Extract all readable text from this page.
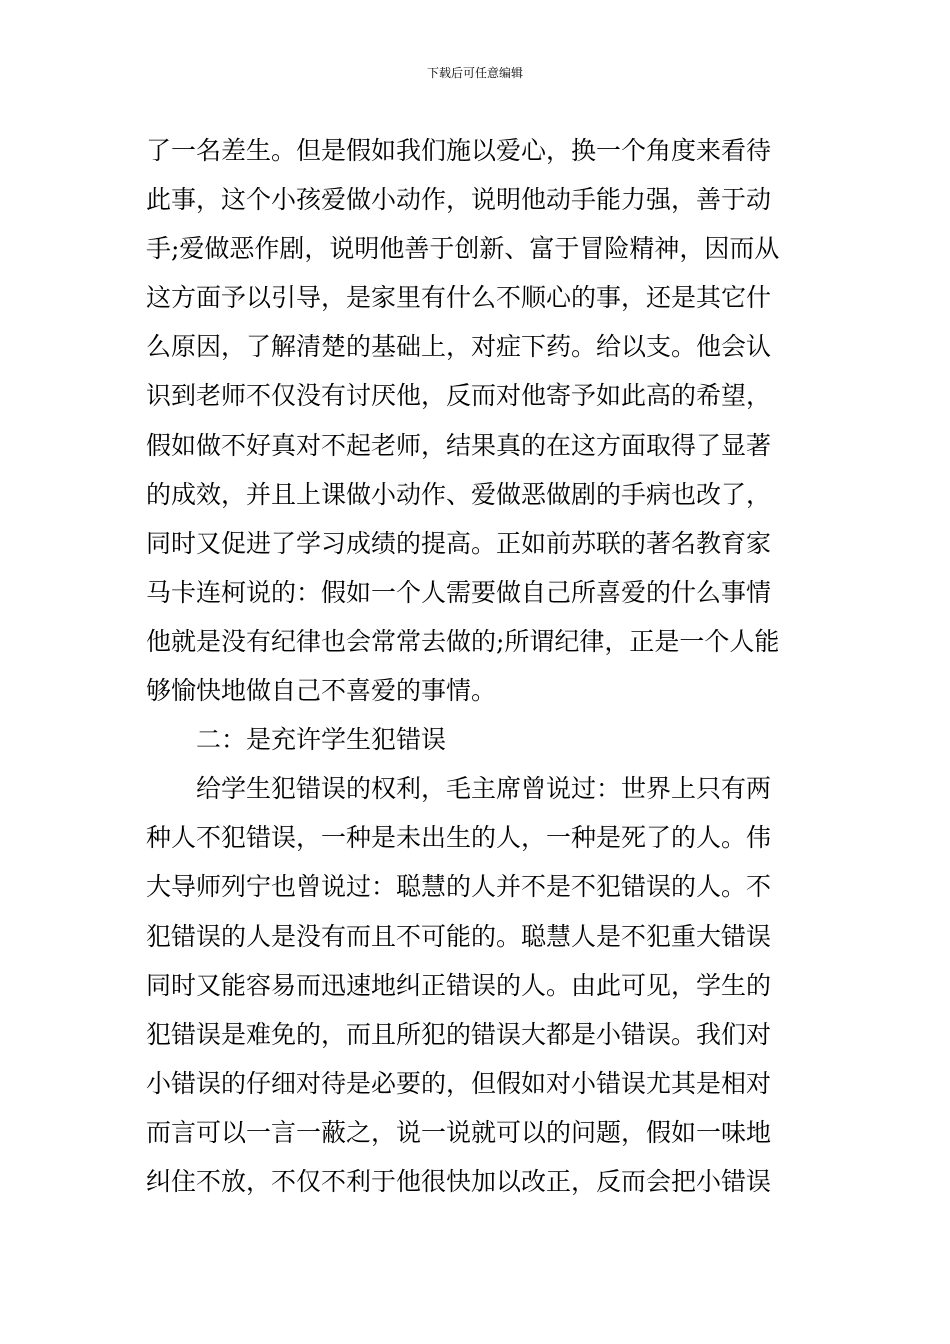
下载后可任意编辑
了一名差生。但是假如我们施以爱心，换一个角度来看待
此事，这个小孩爱做小动作，说明他动手能力强，善于动
手;爱做恶作剧，说明他善于创新、富于冒险精神，因而从
这方面予以引导，是家里有什么不顺心的事，还是其它什
么原因，了解清楚的基础上，对症下药。给以支。他会认
识到老师不仅没有讨厌他，反而对他寄予如此高的希望，
假如做不好真对不起老师，结果真的在这方面取得了显著
的成效，并且上课做小动作、爱做恶做剧的手病也改了，
同时又促进了学习成绩的提高。正如前苏联的著名教育家
马卡连柯说的：假如一个人需要做自己所喜爱的什么事情
他就是没有纪律也会常常去做的;所谓纪律，正是一个人能
够愉快地做自己不喜爱的事情。
二：是充许学生犯错误
给学生犯错误的权利，毛主席曾说过：世界上只有两
种人不犯错误，一种是未出生的人，一种是死了的人。伟
大导师列宁也曾说过：聪慧的人并不是不犯错误的人。不
犯错误的人是没有而且不可能的。聪慧人是不犯重大错误
同时又能容易而迅速地纠正错误的人。由此可见，学生的
犯错误是难免的，而且所犯的错误大都是小错误。我们对
小错误的仔细对待是必要的，但假如对小错误尤其是相对
而言可以一言一蔽之，说一说就可以的问题，假如一味地
纠住不放，不仅不利于他很快加以改正，反而会把小错误
